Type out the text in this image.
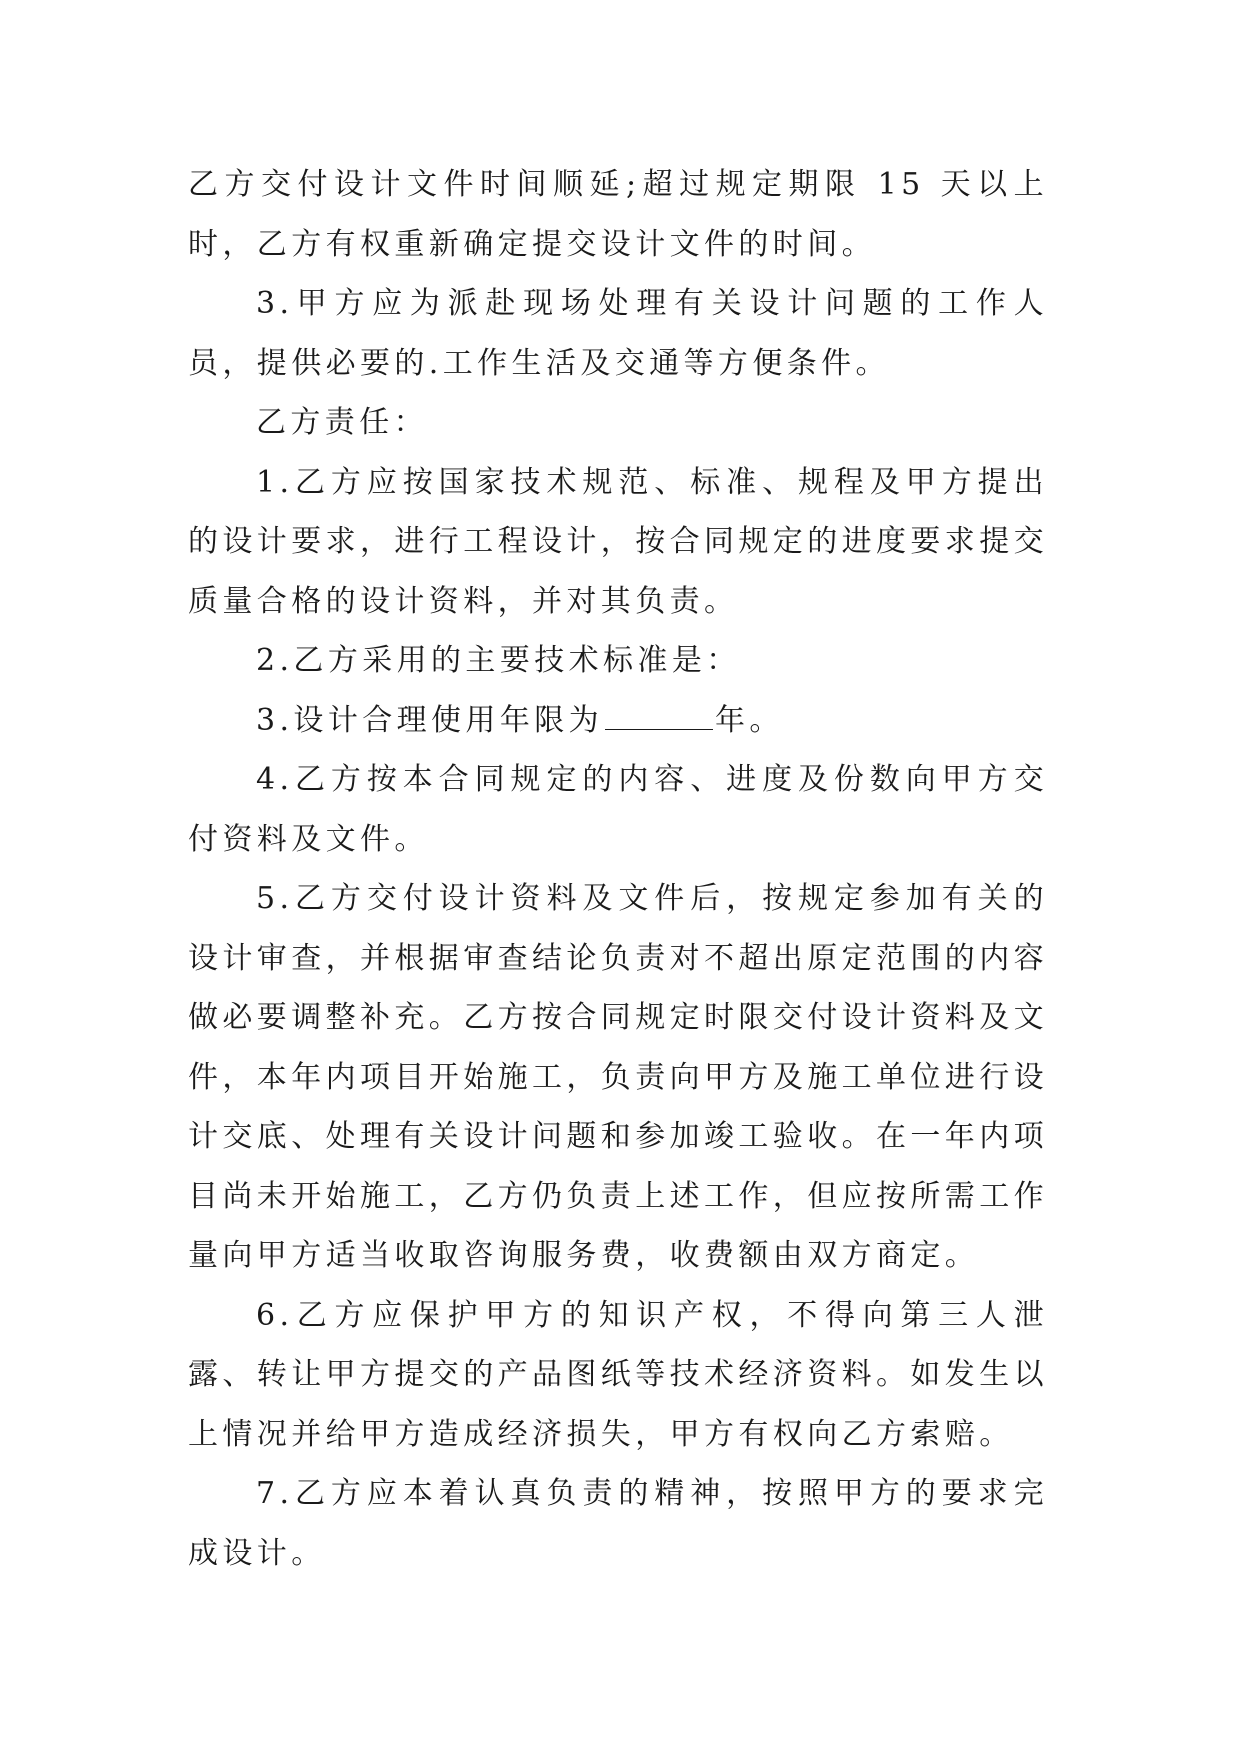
乙方交付设计文件时间顺延;超过规定期限 15 天以上时，乙方有权重新确定提交设计文件的时间。

3.甲方应为派赴现场处理有关设计问题的工作人员，提供必要的.工作生活及交通等方便条件。

乙方责任：

1.乙方应按国家技术规范、标准、规程及甲方提出的设计要求，进行工程设计，按合同规定的进度要求提交质量合格的设计资料，并对其负责。

2.乙方采用的主要技术标准是：

3.设计合理使用年限为	年。

4.乙方按本合同规定的内容、进度及份数向甲方交付资料及文件。

5.乙方交付设计资料及文件后，按规定参加有关的设计审查，并根据审查结论负责对不超出原定范围的内容做必要调整补充。乙方按合同规定时限交付设计资料及文件，本年内项目开始施工，负责向甲方及施工单位进行设计交底、处理有关设计问题和参加竣工验收。在一年内项目尚未开始施工，乙方仍负责上述工作，但应按所需工作量向甲方适当收取咨询服务费，收费额由双方商定。

6.乙方应保护甲方的知识产权，不得向第三人泄露、转让甲方提交的产品图纸等技术经济资料。如发生以上情况并给甲方造成经济损失，甲方有权向乙方索赔。

7.乙方应本着认真负责的精神，按照甲方的要求完成设计。
